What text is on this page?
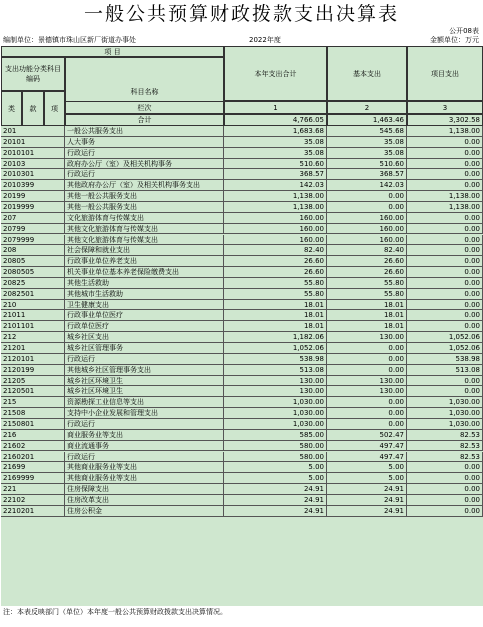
一般公共预算财政拨款支出决算表
公开08表
编制单位：景德镇市珠山区新厂街道办事处	2022年度	金额单位：万元
项 目
支出功能分类科目编码
科目名称
类	款	项
本年支出合计	基本支出	项目支出
栏次	1	2	3
合计	4,766.05	1,463.46	3,302.58
201	一般公共服务支出	1,683.68	545.68	1,138.00
20101	人大事务	35.08	35.08	0.00
2010101	行政运行	35.08	35.08	0.00
20103	政府办公厅（室）及相关机构事务	510.60	510.60	0.00
2010301	行政运行	368.57	368.57	0.00
2010399	其他政府办公厅（室）及相关机构事务支出	142.03	142.03	0.00
20199	其他一般公共服务支出	1,138.00	0.00	1,138.00
2019999	其他一般公共服务支出	1,138.00	0.00	1,138.00
207	文化旅游体育与传媒支出	160.00	160.00	0.00
20799	其他文化旅游体育与传媒支出	160.00	160.00	0.00
2079999	其他文化旅游体育与传媒支出	160.00	160.00	0.00
208	社会保障和就业支出	82.40	82.40	0.00
20805	行政事业单位养老支出	26.60	26.60	0.00
2080505	机关事业单位基本养老保险缴费支出	26.60	26.60	0.00
20825	其他生活救助	55.80	55.80	0.00
2082501	其他城市生活救助	55.80	55.80	0.00
210	卫生健康支出	18.01	18.01	0.00
21011	行政事业单位医疗	18.01	18.01	0.00
2101101	行政单位医疗	18.01	18.01	0.00
212	城乡社区支出	1,182.06	130.00	1,052.06
21201	城乡社区管理事务	1,052.06	0.00	1,052.06
2120101	行政运行	538.98	0.00	538.98
2120199	其他城乡社区管理事务支出	513.08	0.00	513.08
21205	城乡社区环境卫生	130.00	130.00	0.00
2120501	城乡社区环境卫生	130.00	130.00	0.00
215	资源勘探工业信息等支出	1,030.00	0.00	1,030.00
21508	支持中小企业发展和管理支出	1,030.00	0.00	1,030.00
2150801	行政运行	1,030.00	0.00	1,030.00
216	商业服务业等支出	585.00	502.47	82.53
21602	商业流通事务	580.00	497.47	82.53
2160201	行政运行	580.00	497.47	82.53
21699	其他商业服务业等支出	5.00	5.00	0.00
2169999	其他商业服务业等支出	5.00	5.00	0.00
221	住房保障支出	24.91	24.91	0.00
22102	住房改革支出	24.91	24.91	0.00
2210201	住房公积金	24.91	24.91	0.00
注：本表反映部门（单位）本年度一般公共预算财政拨款支出决算情况。
